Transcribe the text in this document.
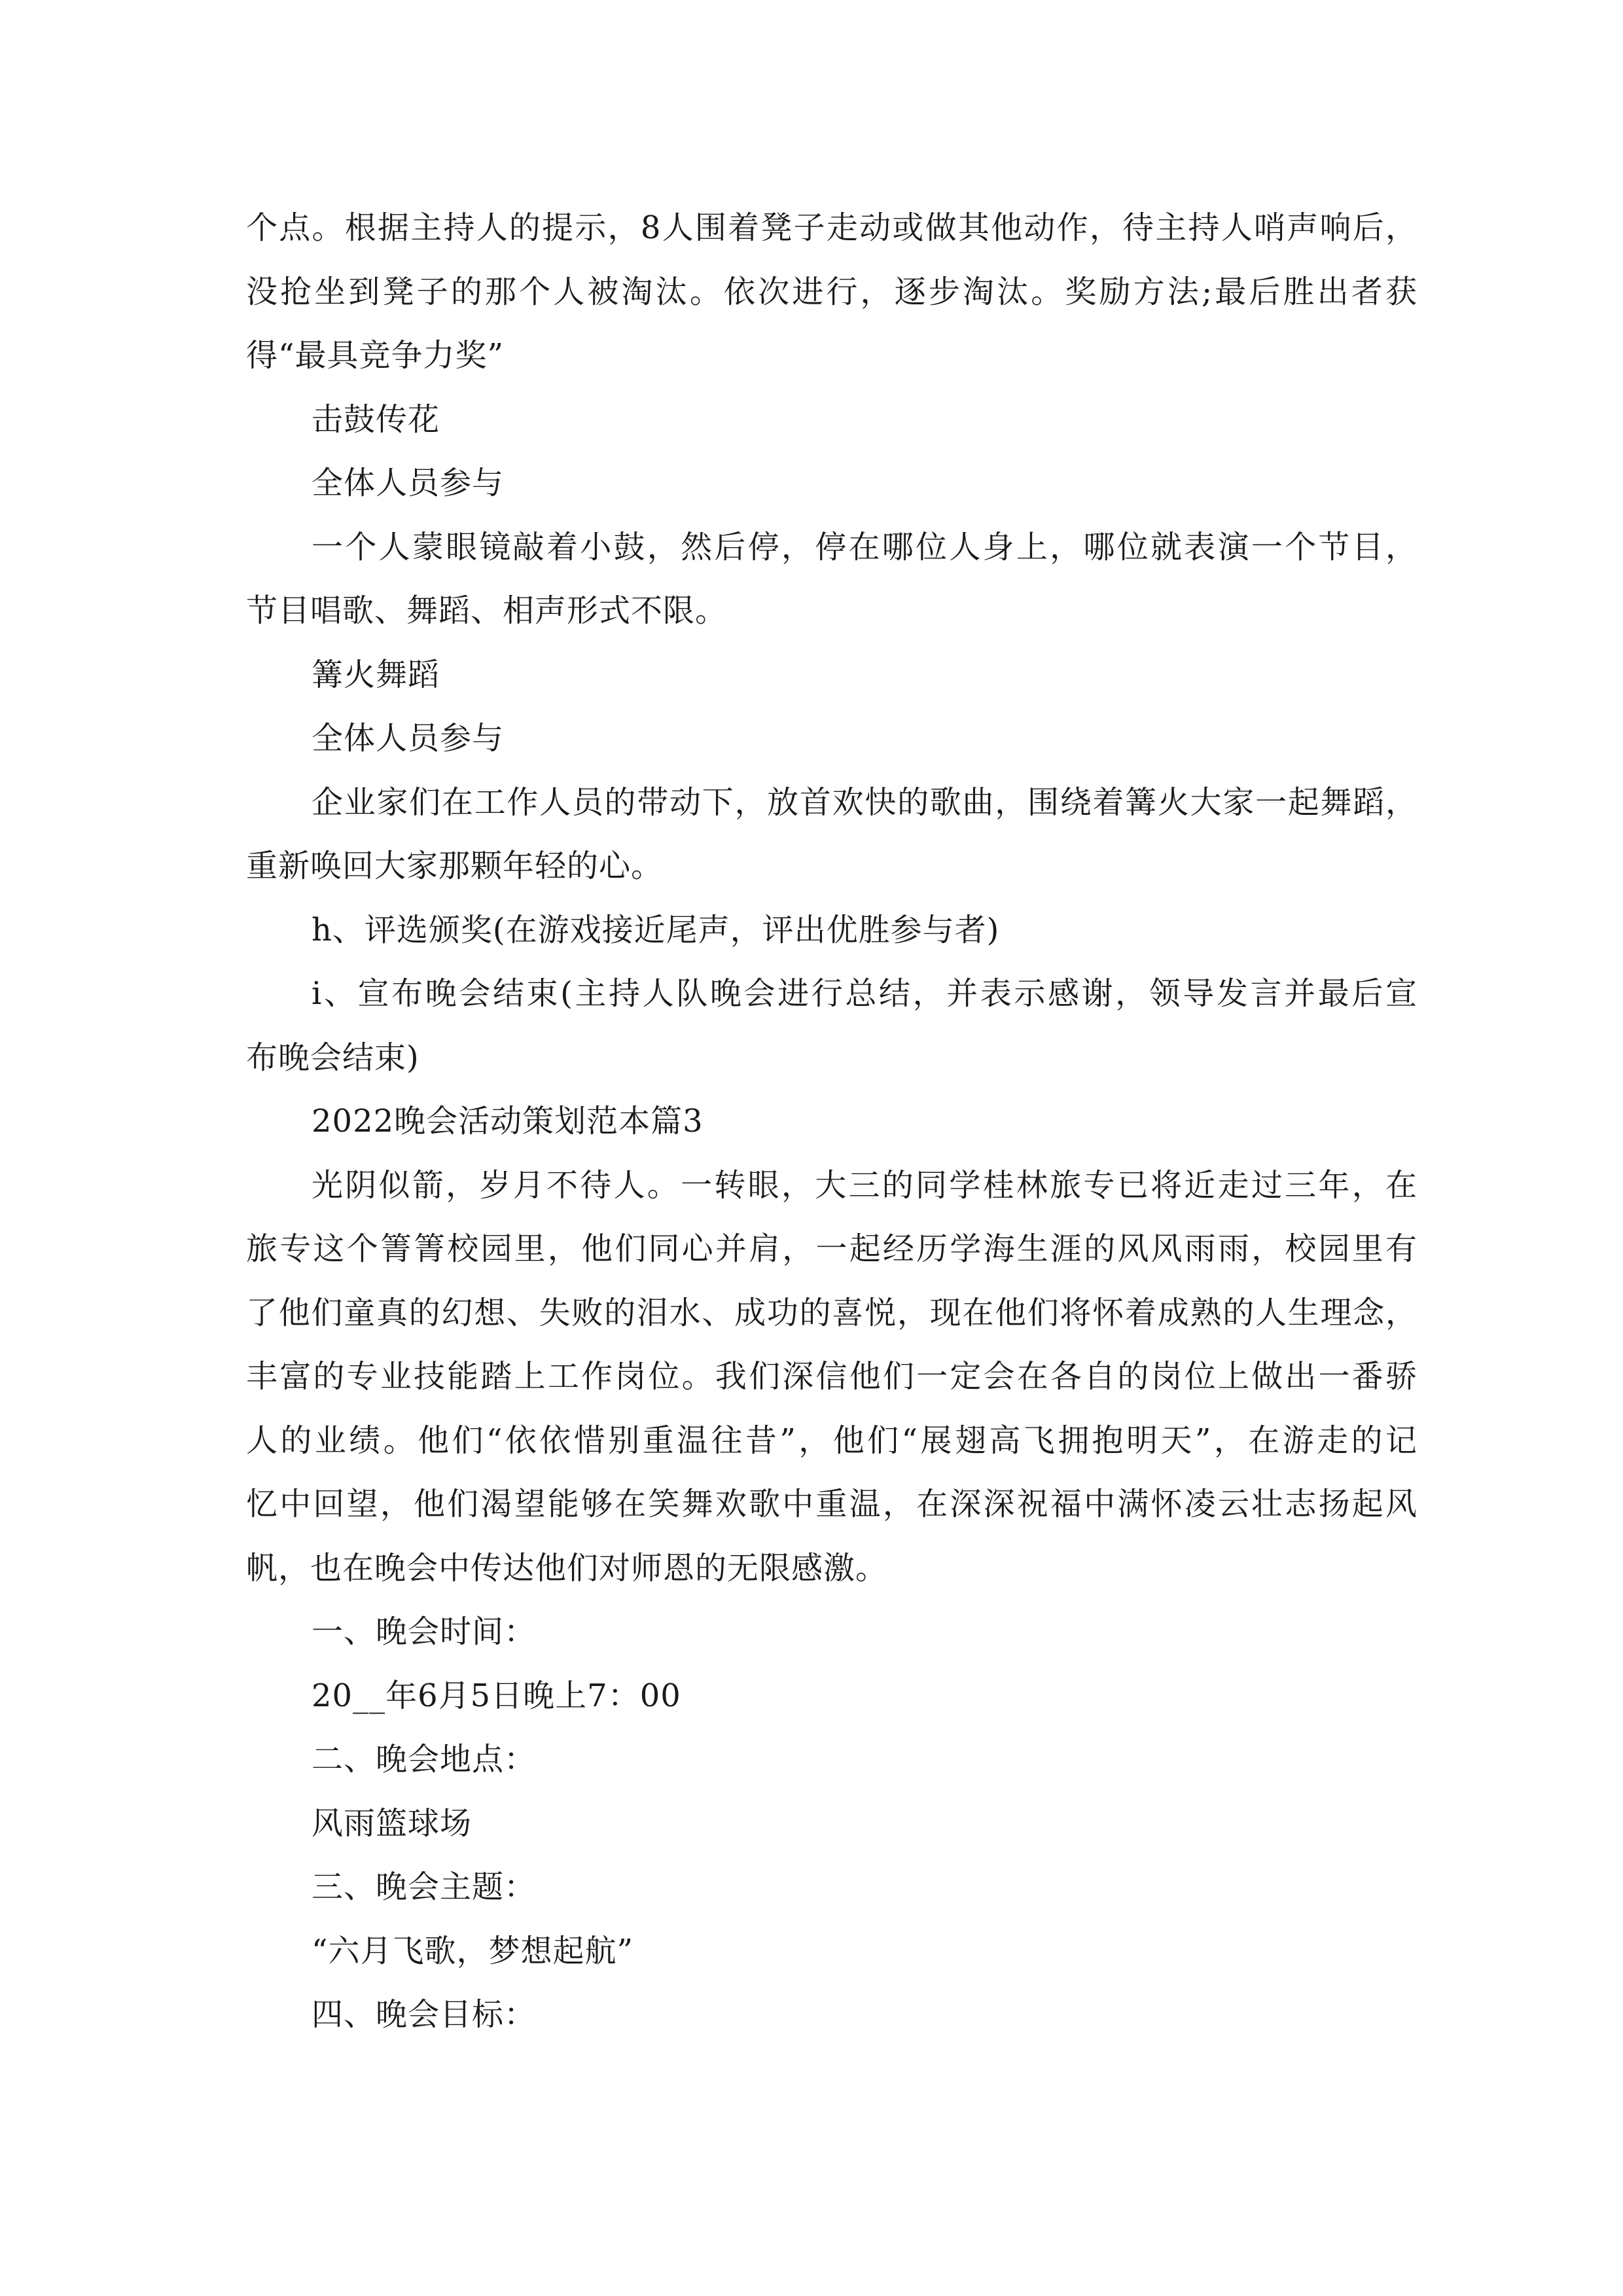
个点。根据主持人的提示，8人围着凳子走动或做其他动作，待主持人哨声响后，
没抢坐到凳子的那个人被淘汰。依次进行，逐步淘汰。奖励方法;最后胜出者获
得“最具竞争力奖”
击鼓传花
全体人员参与
一个人蒙眼镜敲着小鼓，然后停，停在哪位人身上，哪位就表演一个节目，
节目唱歌、舞蹈、相声形式不限。
篝火舞蹈
全体人员参与
企业家们在工作人员的带动下，放首欢快的歌曲，围绕着篝火大家一起舞蹈，
重新唤回大家那颗年轻的心。
h、评选颁奖(在游戏接近尾声，评出优胜参与者)
i、宣布晚会结束(主持人队晚会进行总结，并表示感谢，领导发言并最后宣
布晚会结束)
2022晚会活动策划范本篇3
光阴似箭，岁月不待人。一转眼，大三的同学桂林旅专已将近走过三年，在
旅专这个箐箐校园里，他们同心并肩，一起经历学海生涯的风风雨雨，校园里有
了他们童真的幻想、失败的泪水、成功的喜悦，现在他们将怀着成熟的人生理念，
丰富的专业技能踏上工作岗位。我们深信他们一定会在各自的岗位上做出一番骄
人的业绩。他们“依依惜别重温往昔”，他们“展翅高飞拥抱明天”，在游走的记
忆中回望，他们渴望能够在笑舞欢歌中重温，在深深祝福中满怀凌云壮志扬起风
帆，也在晚会中传达他们对师恩的无限感激。
一、晚会时间：
20__年6月5日晚上7：00
二、晚会地点：
风雨篮球场
三、晚会主题：
“六月飞歌，梦想起航”
四、晚会目标：
